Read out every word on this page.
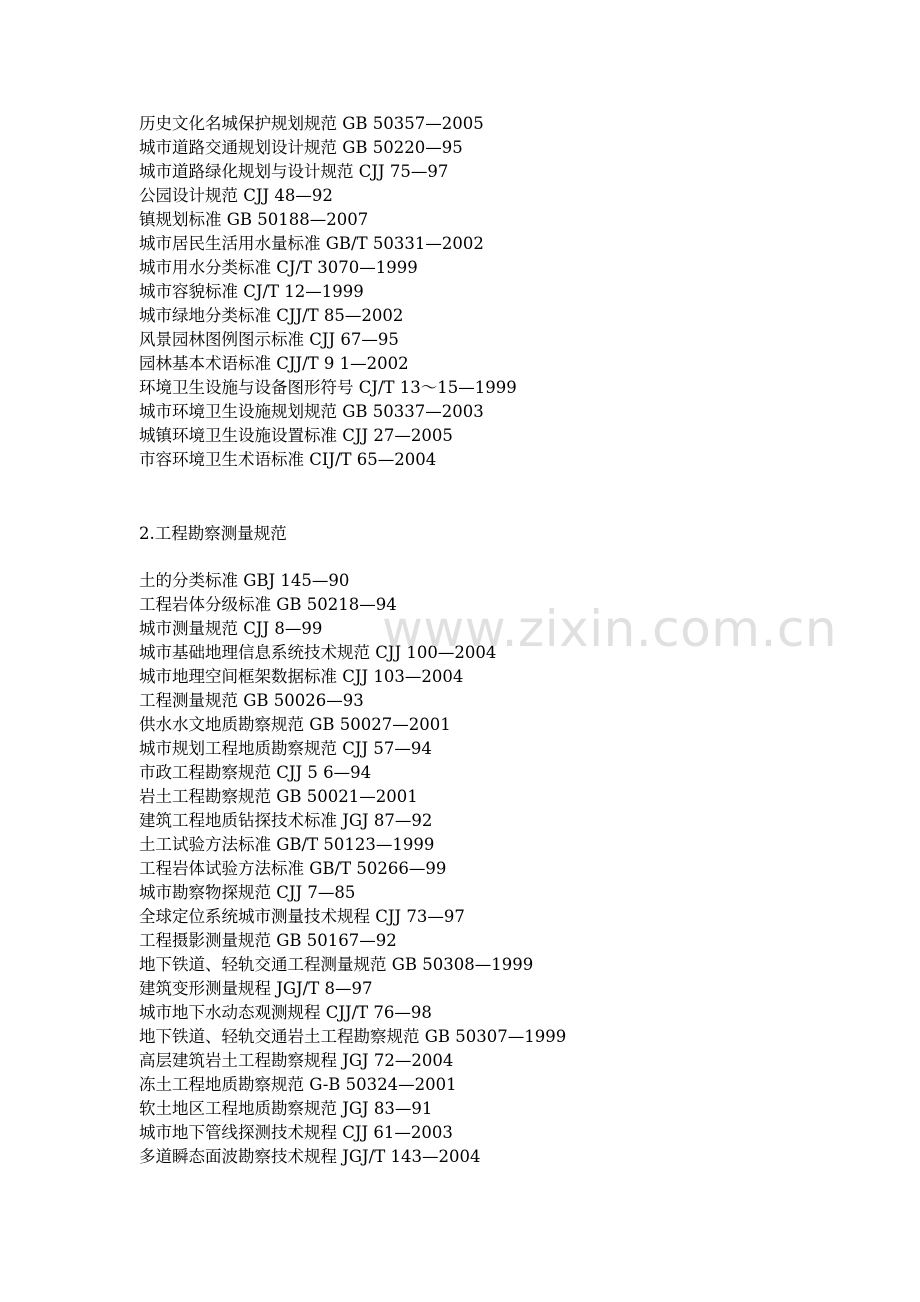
历史文化名城保护规划规范 GB 50357—2005
城市道路交通规划设计规范 GB 50220—95
城市道路绿化规划与设计规范 CJJ 75—97
公园设计规范 CJJ 48—92
镇规划标准 GB 50188—2007
城市居民生活用水量标准 GB/T 50331—2002
城市用水分类标准 CJ/T 3070—1999
城市容貌标准 CJ/T 12—1999
城市绿地分类标准 CJJ/T 85—2002
风景园林图例图示标准 CJJ 67—95
园林基本术语标准 CJJ/T 9 1—2002
环境卫生设施与设备图形符号 CJ/T 13～15—1999
城市环境卫生设施规划规范 GB 50337—2003
城镇环境卫生设施设置标准 CJJ 27—2005
市容环境卫生术语标准 CIJ/T 65—2004
2.工程勘察测量规范
土的分类标准 GBJ 145—90
工程岩体分级标准 GB 50218—94
城市测量规范 CJJ 8—99
城市基础地理信息系统技术规范 CJJ 100—2004
城市地理空间框架数据标准 CJJ 103—2004
工程测量规范 GB 50026—93
供水水文地质勘察规范 GB 50027—2001
城市规划工程地质勘察规范 CJJ 57—94
市政工程勘察规范 CJJ 5 6—94
岩土工程勘察规范 GB 50021—2001
建筑工程地质钻探技术标准 JGJ 87—92
土工试验方法标准 GB/T 50123—1999
工程岩体试验方法标准 GB/T 50266—99
城市勘察物探规范 CJJ 7—85
全球定位系统城市测量技术规程 CJJ 73—97
工程摄影测量规范 GB 50167—92
地下铁道、轻轨交通工程测量规范 GB 50308—1999
建筑变形测量规程 JGJ/T 8—97
城市地下水动态观测规程 CJJ/T 76—98
地下铁道、轻轨交通岩土工程勘察规范 GB 50307—1999
高层建筑岩土工程勘察规程 JGJ 72—2004
冻土工程地质勘察规范 G-B 50324—2001
软土地区工程地质勘察规范 JGJ 83—91
城市地下管线探测技术规程 CJJ 61—2003
多道瞬态面波勘察技术规程 JGJ/T 143—2004
www.zixin.com.cn
